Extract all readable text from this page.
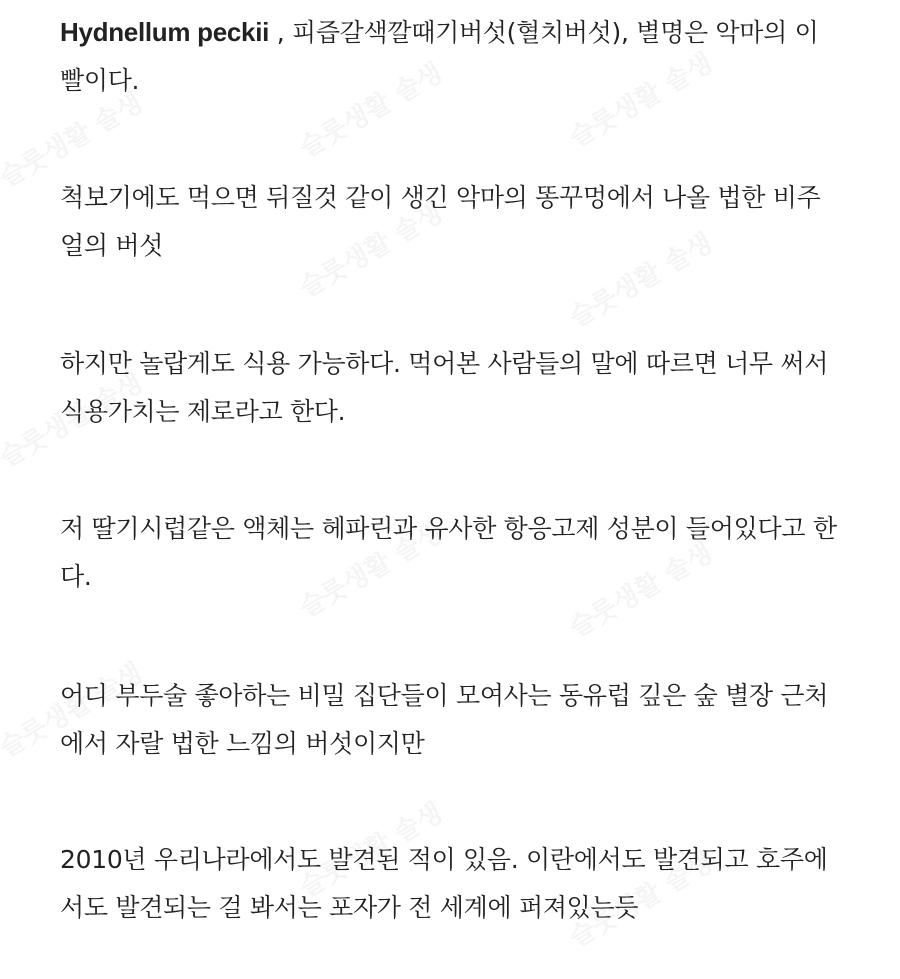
Hydnellum peckii , 피즙갈색깔때기버섯(혈치버섯), 별명은 악마의 이빨이다.

척보기에도 먹으면 뒤질것 같이 생긴 악마의 똥꾸멍에서 나올 법한 비주얼의 버섯

하지만 놀랍게도 식용 가능하다. 먹어본 사람들의 말에 따르면 너무 써서 식용가치는 제로라고 한다.

저 딸기시럽같은 액체는 헤파린과 유사한 항응고제 성분이 들어있다고 한다.

어디 부두술 좋아하는 비밀 집단들이 모여사는 동유럽 깊은 숲 별장 근처에서 자랄 법한 느낌의 버섯이지만

2010년 우리나라에서도 발견된 적이 있음. 이란에서도 발견되고 호주에서도 발견되는 걸 봐서는 포자가 전 세계에 퍼져있는듯
